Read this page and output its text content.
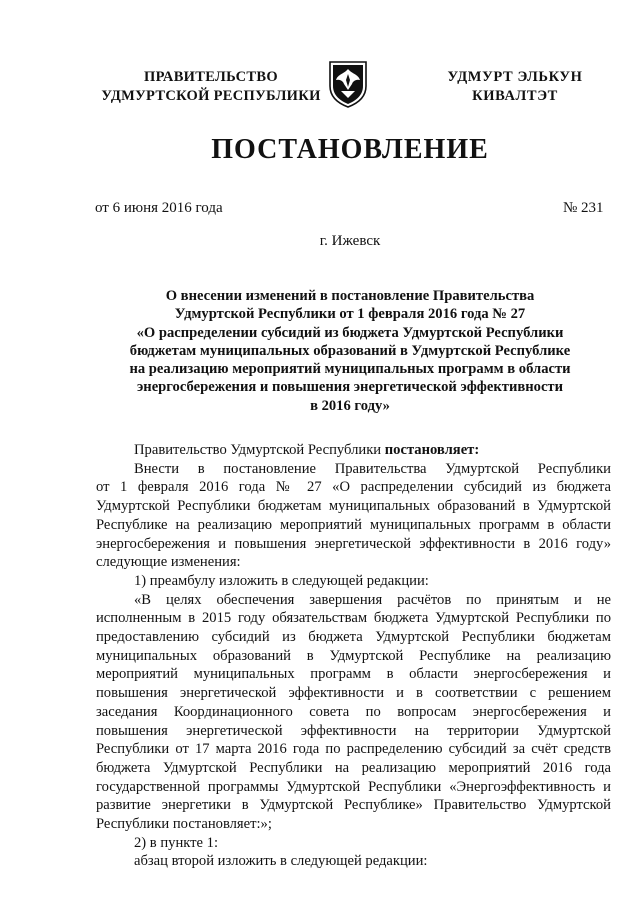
ПРАВИТЕЛЬСТВО
УДМУРТСКОЙ РЕСПУБЛИКИ
УДМУРТ ЭЛЬКУН
КИВАЛТЭТ
ПОСТАНОВЛЕНИЕ
от 6 июня 2016 года	№ 231
г. Ижевск
О внесении изменений в постановление Правительства
Удмуртской Республики от 1 февраля 2016 года № 27
«О распределении субсидий из бюджета Удмуртской Республики
бюджетам муниципальных образований в Удмуртской Республике
на реализацию мероприятий муниципальных программ в области
энергосбережения и повышения энергетической эффективности
в 2016 году»
Правительство Удмуртской Республики постановляет:
Внести в постановление Правительства Удмуртской Республики
от 1 февраля 2016 года № 27 «О распределении субсидий из бюджета
Удмуртской Республики бюджетам муниципальных образований в Удмуртской
Республике на реализацию мероприятий муниципальных программ в области
энергосбережения и повышения энергетической эффективности в 2016 году»
следующие изменения:
1) преамбулу изложить в следующей редакции:
«В целях обеспечения завершения расчётов по принятым и не
исполненным в 2015 году обязательствам бюджета Удмуртской Республики по
предоставлению субсидий из бюджета Удмуртской Республики бюджетам
муниципальных образований в Удмуртской Республике на реализацию
мероприятий муниципальных программ в области энергосбережения и
повышения энергетической эффективности и в соответствии с решением
заседания Координационного совета по вопросам энергосбережения и
повышения энергетической эффективности на территории Удмуртской
Республики от 17 марта 2016 года по распределению субсидий за счёт средств
бюджета Удмуртской Республики на реализацию мероприятий 2016 года
государственной программы Удмуртской Республики «Энергоэффективность и
развитие энергетики в Удмуртской Республике» Правительство Удмуртской
Республики постановляет:»;
2) в пункте 1:
абзац второй изложить в следующей редакции:
